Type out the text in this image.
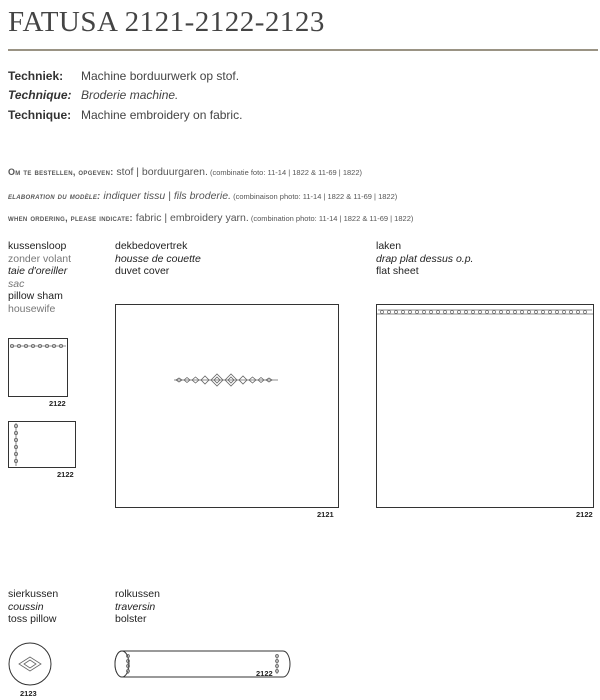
FATUSA 2121-2122-2123
Techniek: Machine borduurwerk op stof.
Technique: Broderie machine.
Technique: Machine embroidery on fabric.
Om te bestellen, opgeven: stof | borduurgaren. (combinatie foto: 11-14 | 1822 & 11-69 | 1822)
elaboration du modèle: indiquer tissu | fils broderie. (combinaison photo: 11-14 | 1822 & 11-69 | 1822)
when ordering, please indicate: fabric | embroidery yarn. (combination photo: 11-14 | 1822 & 11-69 | 1822)
kussensloop
zonder volant
taie d'oreiller
sac
pillow sham
housewife
dekbedovertrek
housse de couette
duvet cover
laken
drap plat dessus o.p.
flat sheet
2122
2122
2121	2122
sierkussen
coussin
toss pillow
rolkussen
traversin
bolster
2123
2122
